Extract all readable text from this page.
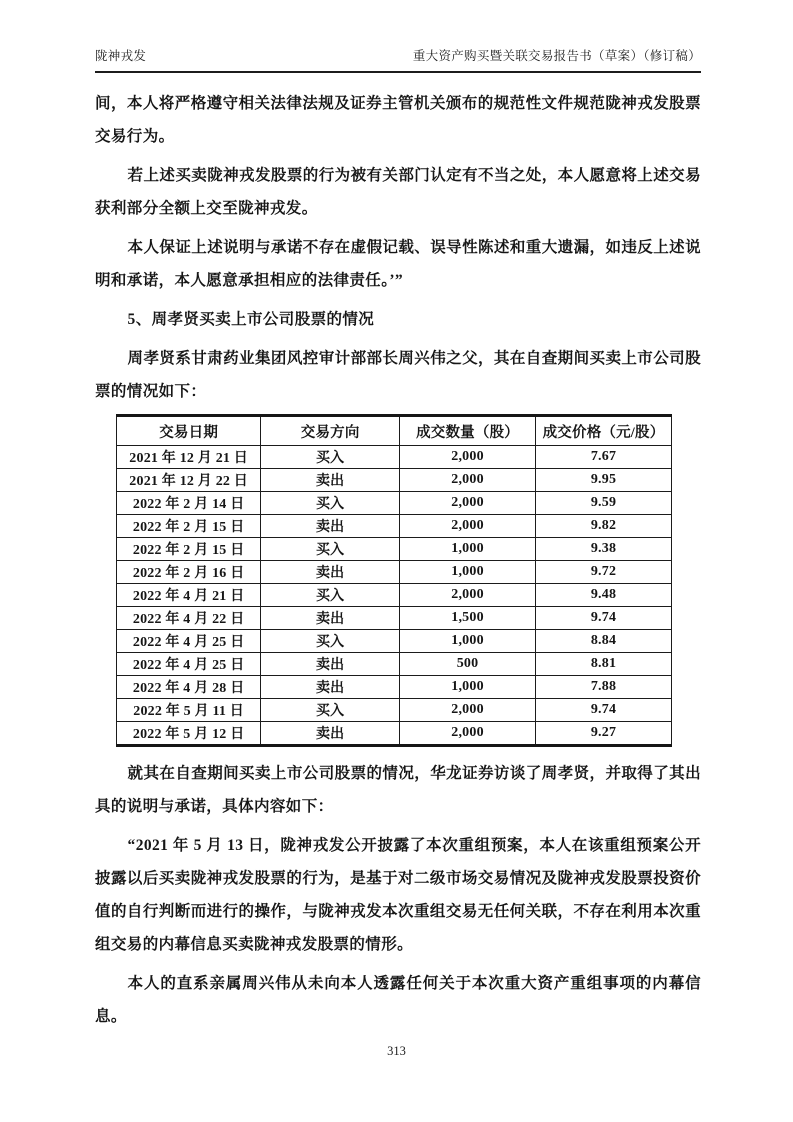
陇神戎发	重大资产购买暨关联交易报告书（草案）（修订稿）

间，本人将严格遵守相关法律法规及证券主管机关颁布的规范性文件规范陇神戎发股票交易行为。

若上述买卖陇神戎发股票的行为被有关部门认定有不当之处，本人愿意将上述交易获利部分全额上交至陇神戎发。

本人保证上述说明与承诺不存在虚假记载、误导性陈述和重大遗漏，如违反上述说明和承诺，本人愿意承担相应的法律责任。’”

5、周孝贤买卖上市公司股票的情况

周孝贤系甘肃药业集团风控审计部部长周兴伟之父，其在自查期间买卖上市公司股票的情况如下：

交易日期	交易方向	成交数量（股）	成交价格（元/股）
2021 年 12 月 21 日	买入	2,000	7.67
2021 年 12 月 22 日	卖出	2,000	9.95
2022 年 2 月 14 日	买入	2,000	9.59
2022 年 2 月 15 日	卖出	2,000	9.82
2022 年 2 月 15 日	买入	1,000	9.38
2022 年 2 月 16 日	卖出	1,000	9.72
2022 年 4 月 21 日	买入	2,000	9.48
2022 年 4 月 22 日	卖出	1,500	9.74
2022 年 4 月 25 日	买入	1,000	8.84
2022 年 4 月 25 日	卖出	500	8.81
2022 年 4 月 28 日	卖出	1,000	7.88
2022 年 5 月 11 日	买入	2,000	9.74
2022 年 5 月 12 日	卖出	2,000	9.27

就其在自查期间买卖上市公司股票的情况，华龙证券访谈了周孝贤，并取得了其出具的说明与承诺，具体内容如下：

“2021 年 5 月 13 日，陇神戎发公开披露了本次重组预案，本人在该重组预案公开披露以后买卖陇神戎发股票的行为，是基于对二级市场交易情况及陇神戎发股票投资价值的自行判断而进行的操作，与陇神戎发本次重组交易无任何关联，不存在利用本次重组交易的内幕信息买卖陇神戎发股票的情形。

本人的直系亲属周兴伟从未向本人透露任何关于本次重大资产重组事项的内幕信息。

313
